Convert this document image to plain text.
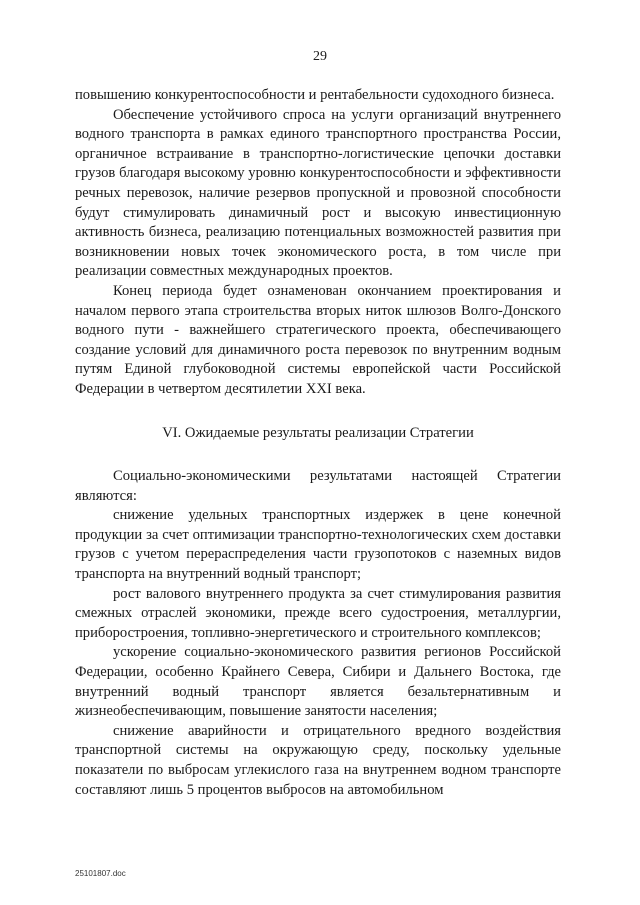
29

повышению конкурентоспособности и рентабельности судоходного бизнеса.

Обеспечение устойчивого спроса на услуги организаций внутреннего водного транспорта в рамках единого транспортного пространства России, органичное встраивание в транспортно-логистические цепочки доставки грузов благодаря высокому уровню конкурентоспособности и эффективности речных перевозок, наличие резервов пропускной и провозной способности будут стимулировать динамичный рост и высокую инвестиционную активность бизнеса, реализацию потенциальных возможностей развития при возникновении новых точек экономического роста, в том числе при реализации совместных международных проектов.

Конец периода будет ознаменован окончанием проектирования и началом первого этапа строительства вторых ниток шлюзов Волго-Донского водного пути - важнейшего стратегического проекта, обеспечивающего создание условий для динамичного роста перевозок по внутренним водным путям Единой глубоководной системы европейской части Российской Федерации в четвертом десятилетии XXI века.

VI. Ожидаемые результаты реализации Стратегии

Социально-экономическими результатами настоящей Стратегии являются:

снижение удельных транспортных издержек в цене конечной продукции за счет оптимизации транспортно-технологических схем доставки грузов с учетом перераспределения части грузопотоков с наземных видов транспорта на внутренний водный транспорт;

рост валового внутреннего продукта за счет стимулирования развития смежных отраслей экономики, прежде всего судостроения, металлургии, приборостроения, топливно-энергетического и строительного комплексов;

ускорение социально-экономического развития регионов Российской Федерации, особенно Крайнего Севера, Сибири и Дальнего Востока, где внутренний водный транспорт является безальтернативным и жизнеобеспечивающим, повышение занятости населения;

снижение аварийности и отрицательного вредного воздействия транспортной системы на окружающую среду, поскольку удельные показатели по выбросам углекислого газа на внутреннем водном транспорте составляют лишь 5 процентов выбросов на автомобильном

25101807.doc
